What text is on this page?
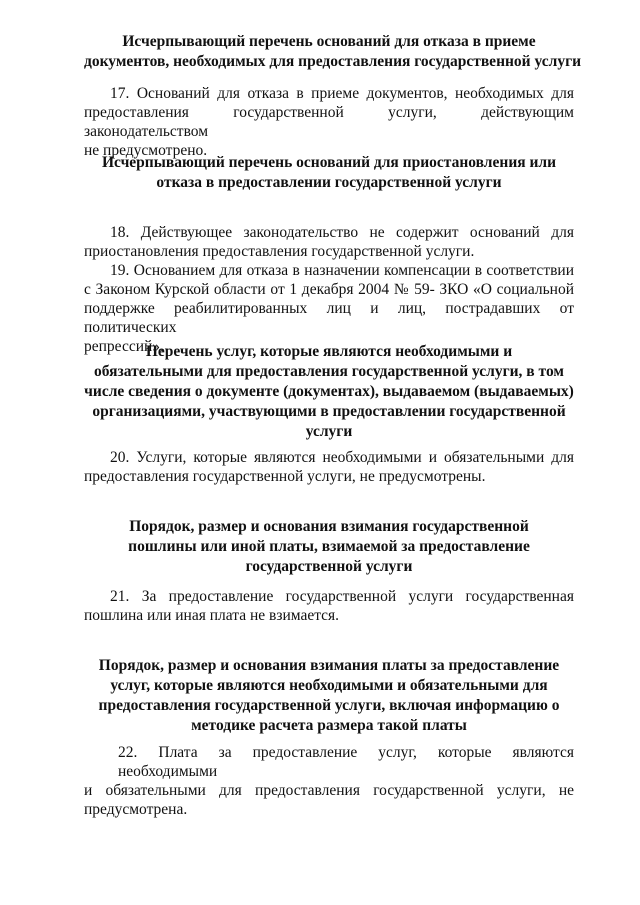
Исчерпывающий перечень оснований для отказа в приеме
документов, необходимых для предоставления государственной услуги
17. Оснований для отказа в приеме документов, необходимых для
предоставления государственной услуги, действующим законодательством
не предусмотрено.
Исчерпывающий перечень оснований для приостановления или
отказа в предоставлении государственной услуги
18. Действующее законодательство не содержит оснований для
приостановления предоставления государственной услуги.
19. Основанием для отказа в назначении компенсации в соответствии
с Законом Курской области от 1 декабря 2004 № 59- ЗКО «О социальной
поддержке реабилитированных лиц и лиц, пострадавших от политических
репрессий».
Перечень услуг, которые являются необходимыми и
обязательными для предоставления государственной услуги, в том
числе сведения о документе (документах), выдаваемом (выдаваемых)
организациями, участвующими в предоставлении государственной
услуги
20. Услуги, которые являются необходимыми и обязательными для
предоставления государственной услуги, не предусмотрены.
Порядок, размер и основания взимания государственной
пошлины или иной платы, взимаемой за предоставление
государственной услуги
21. За предоставление государственной услуги государственная
пошлина или иная плата не взимается.
Порядок, размер и основания взимания платы за предоставление
услуг, которые являются необходимыми и обязательными для
предоставления государственной услуги, включая информацию о
методике расчета размера такой платы
22. Плата за предоставление услуг, которые являются необходимыми
и обязательными для предоставления государственной услуги, не
предусмотрена.
